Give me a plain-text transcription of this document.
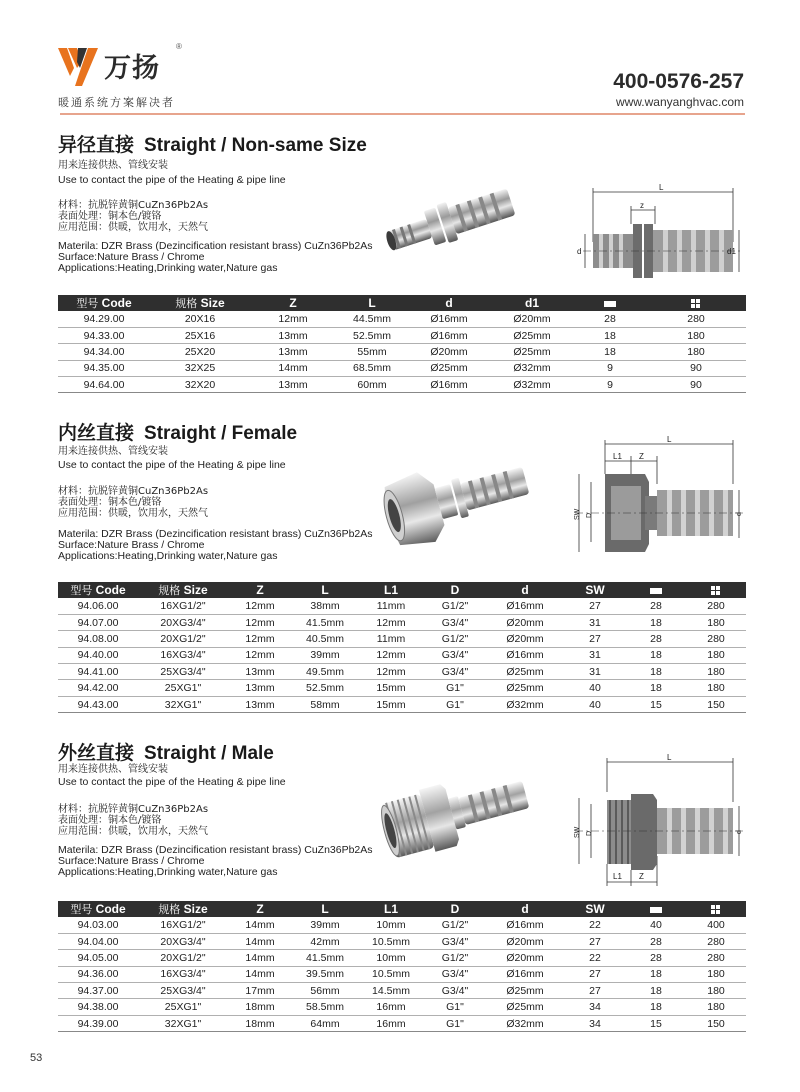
万扬
®
暖通系统方案解决者
400-0576-257
www.wanyanghvac.com
异径直接 Straight / Non-same Size
用来连接供热、管线安装
Use to contact the pipe of the Heating & pipe line
材料：抗脱锌黄铜CuZn36Pb2As
表面处理：铜本色/镀铬
应用范围：供暖，饮用水，天然气
Materila: DZR Brass (Dezincification resistant brass) CuZn36Pb2As
Surface:Nature Brass / Chrome
Applications:Heating,Drinking water,Nature gas
L
z
d	d1
型号 Code	规格 Size	Z	L	d	d1		
94.29.00	20X16	12mm	44.5mm	Ø16mm	Ø20mm	28	280
94.33.00	25X16	13mm	52.5mm	Ø16mm	Ø25mm	18	180
94.34.00	25X20	13mm	55mm	Ø20mm	Ø25mm	18	180
94.35.00	32X25	14mm	68.5mm	Ø25mm	Ø32mm	9	90
94.64.00	32X20	13mm	60mm	Ø16mm	Ø32mm	9	90
内丝直接 Straight / Female
用来连接供热、管线安装
Use to contact the pipe of the Heating & pipe line
材料：抗脱锌黄铜CuZn36Pb2As
表面处理：铜本色/镀铬
应用范围：供暖，饮用水，天然气
Materila: DZR Brass (Dezincification resistant brass) CuZn36Pb2As
Surface:Nature Brass / Chrome
Applications:Heating,Drinking water,Nature gas
L
L1 Z
SW D	d
型号 Code	规格 Size	Z	L	L1	D	d	SW		
94.06.00	16XG1/2"	12mm	38mm	11mm	G1/2"	Ø16mm	27	28	280
94.07.00	20XG3/4"	12mm	41.5mm	12mm	G3/4"	Ø20mm	31	18	180
94.08.00	20XG1/2"	12mm	40.5mm	11mm	G1/2"	Ø20mm	27	28	280
94.40.00	16XG3/4"	12mm	39mm	12mm	G3/4"	Ø16mm	31	18	180
94.41.00	25XG3/4"	13mm	49.5mm	12mm	G3/4"	Ø25mm	31	18	180
94.42.00	25XG1"	13mm	52.5mm	15mm	G1"	Ø25mm	40	18	180
94.43.00	32XG1"	13mm	58mm	15mm	G1"	Ø32mm	40	15	150
外丝直接 Straight / Male
用来连接供热、管线安装
Use to contact the pipe of the Heating & pipe line
材料：抗脱锌黄铜CuZn36Pb2As
表面处理：铜本色/镀铬
应用范围：供暖，饮用水，天然气
Materila: DZR Brass (Dezincification resistant brass) CuZn36Pb2As
Surface:Nature Brass / Chrome
Applications:Heating,Drinking water,Nature gas
L
L1 Z
SW D	d
型号 Code	规格 Size	Z	L	L1	D	d	SW		
94.03.00	16XG1/2"	14mm	39mm	10mm	G1/2"	Ø16mm	22	40	400
94.04.00	20XG3/4"	14mm	42mm	10.5mm	G3/4"	Ø20mm	27	28	280
94.05.00	20XG1/2"	14mm	41.5mm	10mm	G1/2"	Ø20mm	22	28	280
94.36.00	16XG3/4"	14mm	39.5mm	10.5mm	G3/4"	Ø16mm	27	18	180
94.37.00	25XG3/4"	17mm	56mm	14.5mm	G3/4"	Ø25mm	27	18	180
94.38.00	25XG1"	18mm	58.5mm	16mm	G1"	Ø25mm	34	18	180
94.39.00	32XG1"	18mm	64mm	16mm	G1"	Ø32mm	34	15	150
53
